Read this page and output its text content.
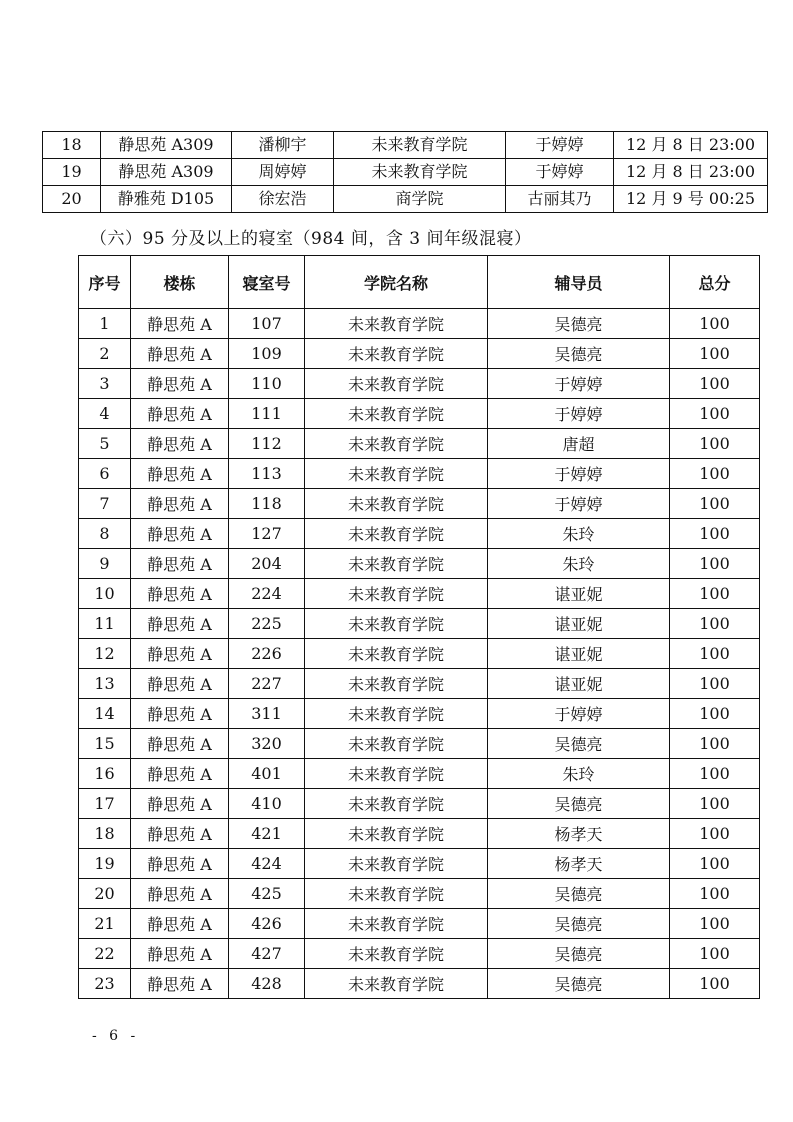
18	静思苑 A309	潘柳宇	未来教育学院	于婷婷	12 月 8 日 23:00
19	静思苑 A309	周婷婷	未来教育学院	于婷婷	12 月 8 日 23:00
20	静雅苑 D105	徐宏浩	商学院	古丽其乃	12 月 9 号 00:25
（六）95 分及以上的寝室（984 间，含 3 间年级混寝）
序号	楼栋	寝室号	学院名称	辅导员	总分
1	静思苑 A	107	未来教育学院	吴德亮	100
2	静思苑 A	109	未来教育学院	吴德亮	100
3	静思苑 A	110	未来教育学院	于婷婷	100
4	静思苑 A	111	未来教育学院	于婷婷	100
5	静思苑 A	112	未来教育学院	唐超	100
6	静思苑 A	113	未来教育学院	于婷婷	100
7	静思苑 A	118	未来教育学院	于婷婷	100
8	静思苑 A	127	未来教育学院	朱玲	100
9	静思苑 A	204	未来教育学院	朱玲	100
10	静思苑 A	224	未来教育学院	谌亚妮	100
11	静思苑 A	225	未来教育学院	谌亚妮	100
12	静思苑 A	226	未来教育学院	谌亚妮	100
13	静思苑 A	227	未来教育学院	谌亚妮	100
14	静思苑 A	311	未来教育学院	于婷婷	100
15	静思苑 A	320	未来教育学院	吴德亮	100
16	静思苑 A	401	未来教育学院	朱玲	100
17	静思苑 A	410	未来教育学院	吴德亮	100
18	静思苑 A	421	未来教育学院	杨孝天	100
19	静思苑 A	424	未来教育学院	杨孝天	100
20	静思苑 A	425	未来教育学院	吴德亮	100
21	静思苑 A	426	未来教育学院	吴德亮	100
22	静思苑 A	427	未来教育学院	吴德亮	100
23	静思苑 A	428	未来教育学院	吴德亮	100
- 6 -
